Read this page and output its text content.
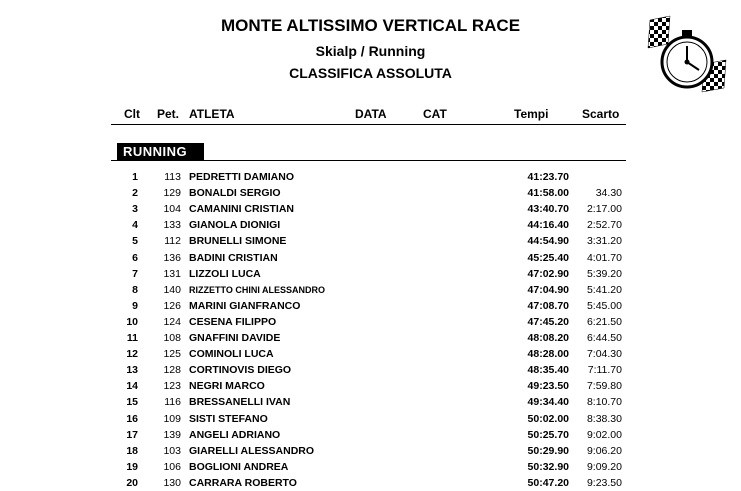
MONTE ALTISSIMO VERTICAL RACE
Skialp / Running
CLASSIFICA ASSOLUTA
Clt Pet. ATLETA	DATA	CAT	Tempi	Scarto
RUNNING
1	113 PEDRETTI DAMIANO	41:23.70
2	129 BONALDI SERGIO	41:58.00	34.30
3	104 CAMANINI CRISTIAN	43:40.70	2:17.00
4	133 GIANOLA DIONIGI	44:16.40	2:52.70
5	112 BRUNELLI SIMONE	44:54.90	3:31.20
6	136 BADINI CRISTIAN	45:25.40	4:01.70
7	131 LIZZOLI LUCA	47:02.90	5:39.20
8	140 RIZZETTO CHINI ALESSANDRO	47:04.90	5:41.20
9	126 MARINI GIANFRANCO	47:08.70	5:45.00
10	124 CESENA FILIPPO	47:45.20	6:21.50
11	108 GNAFFINI DAVIDE	48:08.20	6:44.50
12	125 COMINOLI LUCA	48:28.00	7:04.30
13	128 CORTINOVIS DIEGO	48:35.40	7:11.70
14	123 NEGRI MARCO	49:23.50	7:59.80
15	116 BRESSANELLI IVAN	49:34.40	8:10.70
16	109 SISTI STEFANO	50:02.00	8:38.30
17	139 ANGELI ADRIANO	50:25.70	9:02.00
18	103 GIARELLI ALESSANDRO	50:29.90	9:06.20
19	106 BOGLIONI ANDREA	50:32.90	9:09.20
20	130 CARRARA ROBERTO	50:47.20	9:23.50
